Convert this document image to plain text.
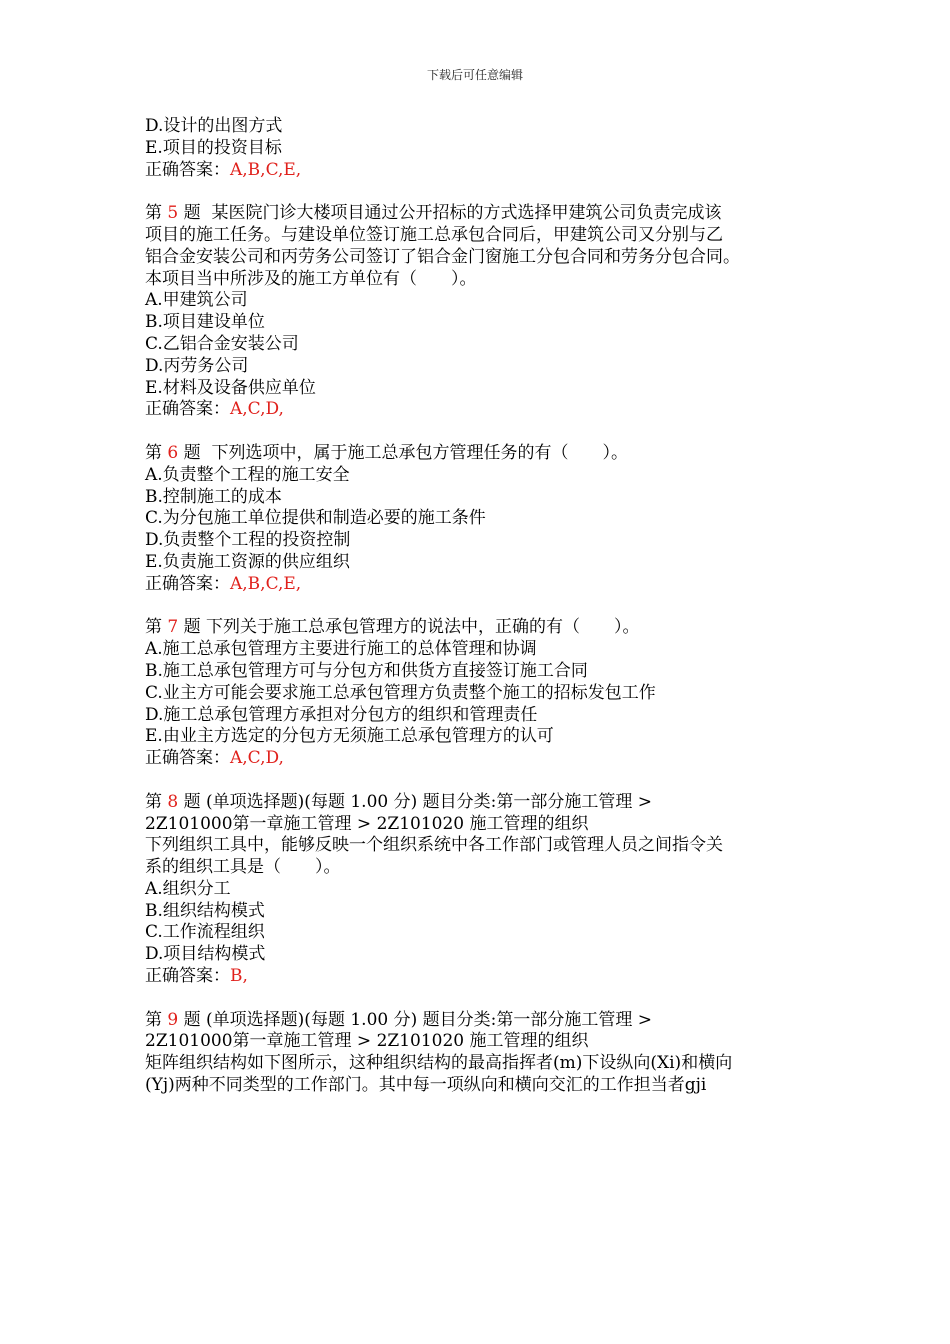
下载后可任意编辑
D.设计的出图方式
E.项目的投资目标
正确答案：A,B,C,E,
第 5 题  某医院门诊大楼项目通过公开招标的方式选择甲建筑公司负责完成该
项目的施工任务。与建设单位签订施工总承包合同后，甲建筑公司又分别与乙
铝合金安装公司和丙劳务公司签订了铝合金门窗施工分包合同和劳务分包合同。
本项目当中所涉及的施工方单位有（　　）。
A.甲建筑公司
B.项目建设单位
C.乙铝合金安装公司
D.丙劳务公司
E.材料及设备供应单位
正确答案：A,C,D,
第 6 题  下列选项中，属于施工总承包方管理任务的有（　　）。
A.负责整个工程的施工安全
B.控制施工的成本
C.为分包施工单位提供和制造必要的施工条件
D.负责整个工程的投资控制
E.负责施工资源的供应组织
正确答案：A,B,C,E,
第 7 题 下列关于施工总承包管理方的说法中，正确的有（　　）。
A.施工总承包管理方主要进行施工的总体管理和协调
B.施工总承包管理方可与分包方和供货方直接签订施工合同
C.业主方可能会要求施工总承包管理方负责整个施工的招标发包工作
D.施工总承包管理方承担对分包方的组织和管理责任
E.由业主方选定的分包方无须施工总承包管理方的认可
正确答案：A,C,D,
第 8 题 (单项选择题)(每题 1.00 分) 题目分类:第一部分施工管理 >
2Z101000第一章施工管理 > 2Z101020 施工管理的组织
下列组织工具中，能够反映一个组织系统中各工作部门或管理人员之间指令关
系的组织工具是（　　）。
A.组织分工
B.组织结构模式
C.工作流程组织
D.项目结构模式
正确答案：B,
第 9 题 (单项选择题)(每题 1.00 分) 题目分类:第一部分施工管理 >
2Z101000第一章施工管理 > 2Z101020 施工管理的组织
矩阵组织结构如下图所示，这种组织结构的最高指挥者(m)下设纵向(Xi)和横向
(Yj)两种不同类型的工作部门。其中每一项纵向和横向交汇的工作担当者gji
